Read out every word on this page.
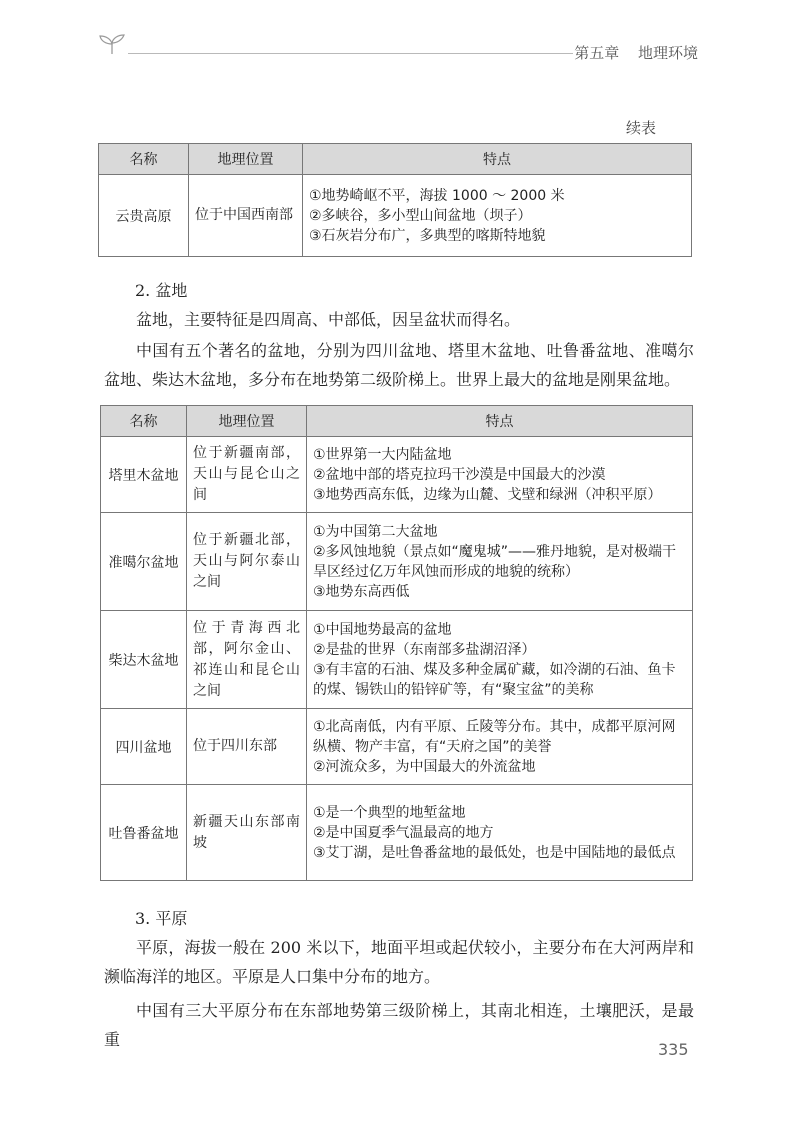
第五章 地理环境
续表
名称	地理位置	特点
云贵高原	位于中国西南部	①地势崎岖不平，海拔 1000 ～ 2000 米
②多峡谷，多小型山间盆地（坝子）
③石灰岩分布广，多典型的喀斯特地貌
2. 盆地
盆地，主要特征是四周高、中部低，因呈盆状而得名。
中国有五个著名的盆地，分别为四川盆地、塔里木盆地、吐鲁番盆地、准噶尔盆地、柴达木盆地，多分布在地势第二级阶梯上。世界上最大的盆地是刚果盆地。
名称	地理位置	特点
塔里木盆地	位于新疆南部，天山与昆仑山之间	①世界第一大内陆盆地
②盆地中部的塔克拉玛干沙漠是中国最大的沙漠
③地势西高东低，边缘为山麓、戈壁和绿洲（冲积平原）

准噶尔盆地	位于新疆北部，天山与阿尔泰山之间	①为中国第二大盆地
②多风蚀地貌（景点如“魔鬼城”——雅丹地貌，是对极端干旱区经过亿万年风蚀而形成的地貌的统称）
③地势东高西低

柴达木盆地	位于青海西北部，阿尔金山、祁连山和昆仑山之间	①中国地势最高的盆地
②是盐的世界（东南部多盐湖沼泽）
③有丰富的石油、煤及多种金属矿藏，如冷湖的石油、鱼卡的煤、锡铁山的铅锌矿等，有“聚宝盆”的美称

四川盆地	位于四川东部	①北高南低，内有平原、丘陵等分布。其中，成都平原河网纵横、物产丰富，有“天府之国”的美誉
②河流众多，为中国最大的外流盆地

吐鲁番盆地	新疆天山东部南坡	①是一个典型的地堑盆地
②是中国夏季气温最高的地方
③艾丁湖，是吐鲁番盆地的最低处，也是中国陆地的最低点
3. 平原
平原，海拔一般在 200 米以下，地面平坦或起伏较小，主要分布在大河两岸和濒临海洋的地区。平原是人口集中分布的地方。
中国有三大平原分布在东部地势第三级阶梯上，其南北相连，土壤肥沃，是最重
335
